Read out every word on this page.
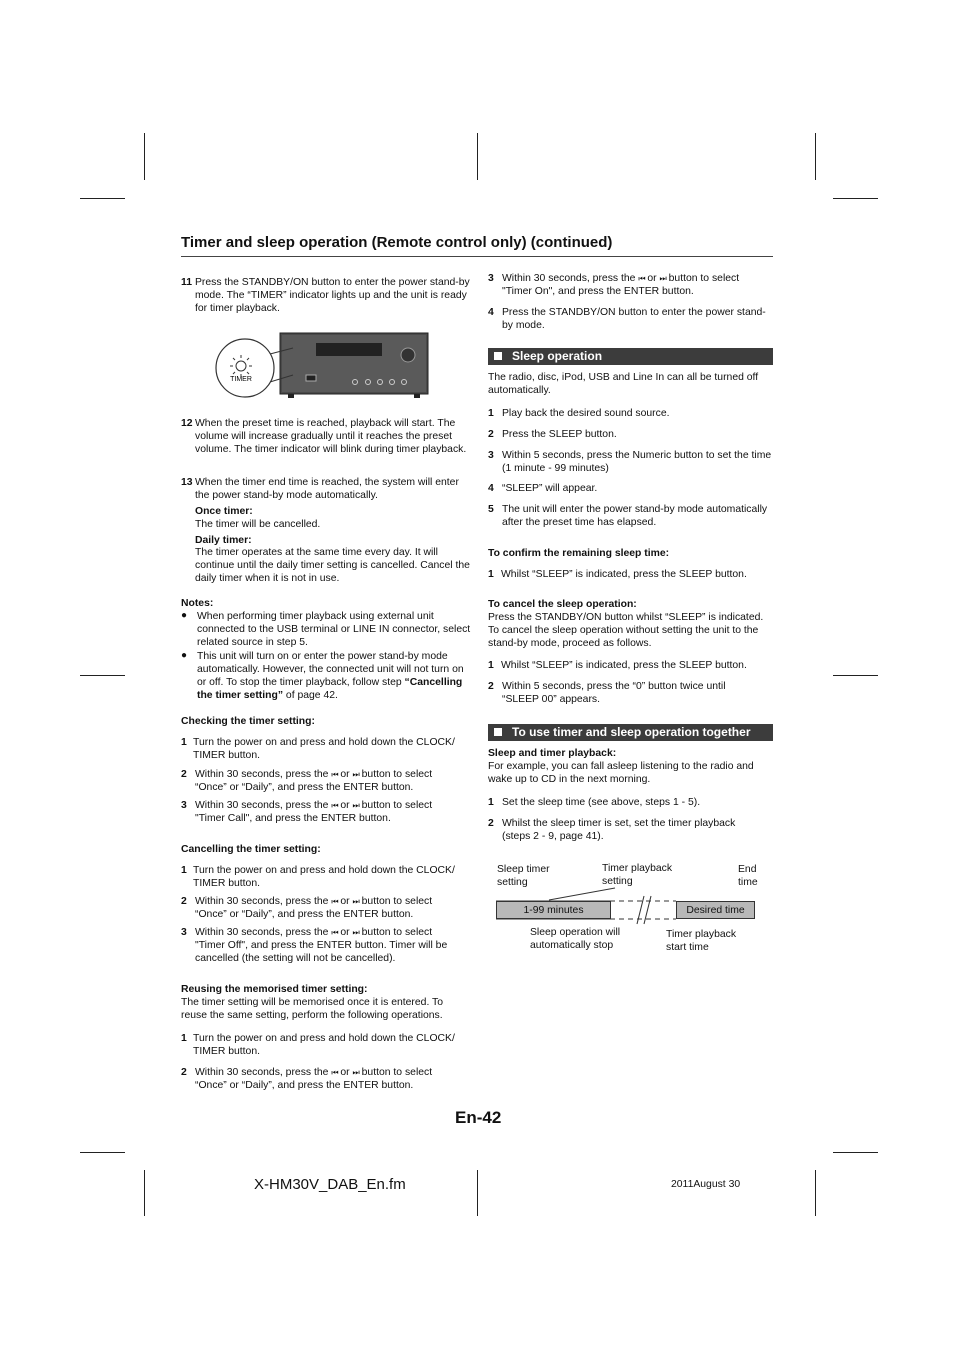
Timer and sleep operation (Remote control only) (continued)
11 Press the STANDBY/ON button to enter the power stand-by mode. The “TIMER” indicator lights up and the unit is ready for timer playback.
TIMER
12 When the preset time is reached, playback will start. The volume will increase gradually until it reaches the preset volume. The timer indicator will blink during timer playback.
13 When the timer end time is reached, the system will enter the power stand-by mode automatically.
Once timer:
The timer will be cancelled.
Daily timer:
The timer operates at the same time every day. It will continue until the daily timer setting is cancelled. Cancel the daily timer when it is not in use.
Notes:
● When performing timer playback using external unit connected to the USB terminal or LINE IN connector, select related source in step 5.
● This unit will turn on or enter the power stand-by mode automatically. However, the connected unit will not turn on or off. To stop the timer playback, follow step “Cancelling the timer setting” of page 42.
Checking the timer setting:
1 Turn the power on and press and hold down the CLOCK/ TIMER button.
2 Within 30 seconds, press the ⏮ or ⏭ button to select
“Once” or “Daily”, and press the ENTER button.
3 Within 30 seconds, press the ⏮ or ⏭ button to select
"Timer Call", and press the ENTER button.
Cancelling the timer setting:
1 Turn the power on and press and hold down the CLOCK/ TIMER button.
2 Within 30 seconds, press the ⏮ or ⏭ button to select
“Once” or “Daily”, and press the ENTER button.
3 Within 30 seconds, press the ⏮ or ⏭ button to select
"Timer Off", and press the ENTER button. Timer will be cancelled (the setting will not be cancelled).
Reusing the memorised timer setting:
The timer setting will be memorised once it is entered. To reuse the same setting, perform the following operations.
1 Turn the power on and press and hold down the CLOCK/ TIMER button.
2 Within 30 seconds, press the ⏮ or ⏭ button to select
“Once” or “Daily”, and press the ENTER button.
3 Within 30 seconds, press the ⏮ or ⏭ button to select
"Timer On", and press the ENTER button.
4 Press the STANDBY/ON button to enter the power stand-by mode.
Sleep operation
The radio, disc, iPod, USB and Line In can all be turned off automatically.
1 Play back the desired sound source.
2 Press the SLEEP button.
3 Within 5 seconds, press the Numeric button to set the time (1 minute - 99 minutes)
4 “SLEEP” will appear.
5 The unit will enter the power stand-by mode automatically after the preset time has elapsed.
To confirm the remaining sleep time:
1 Whilst “SLEEP” is indicated, press the SLEEP button.
To cancel the sleep operation:
Press the STANDBY/ON button whilst “SLEEP” is indicated. To cancel the sleep operation without setting the unit to the stand-by mode, proceed as follows.
1 Whilst “SLEEP” is indicated, press the SLEEP button.
2 Within 5 seconds, press the “0” button twice until “SLEEP 00” appears.
To use timer and sleep operation together
Sleep and timer playback:
For example, you can fall asleep listening to the radio and wake up to CD in the next morning.
1 Set the sleep time (see above, steps 1 - 5).
2 Whilst the sleep timer is set, set the timer playback (steps 2 - 9, page 41).
Sleep timer setting
Timer playback setting
End time
1-99 minutes	Desired time
Sleep operation will automatically stop
Timer playback start time
En-42
X-HM30V_DAB_En.fm	2011August 30
